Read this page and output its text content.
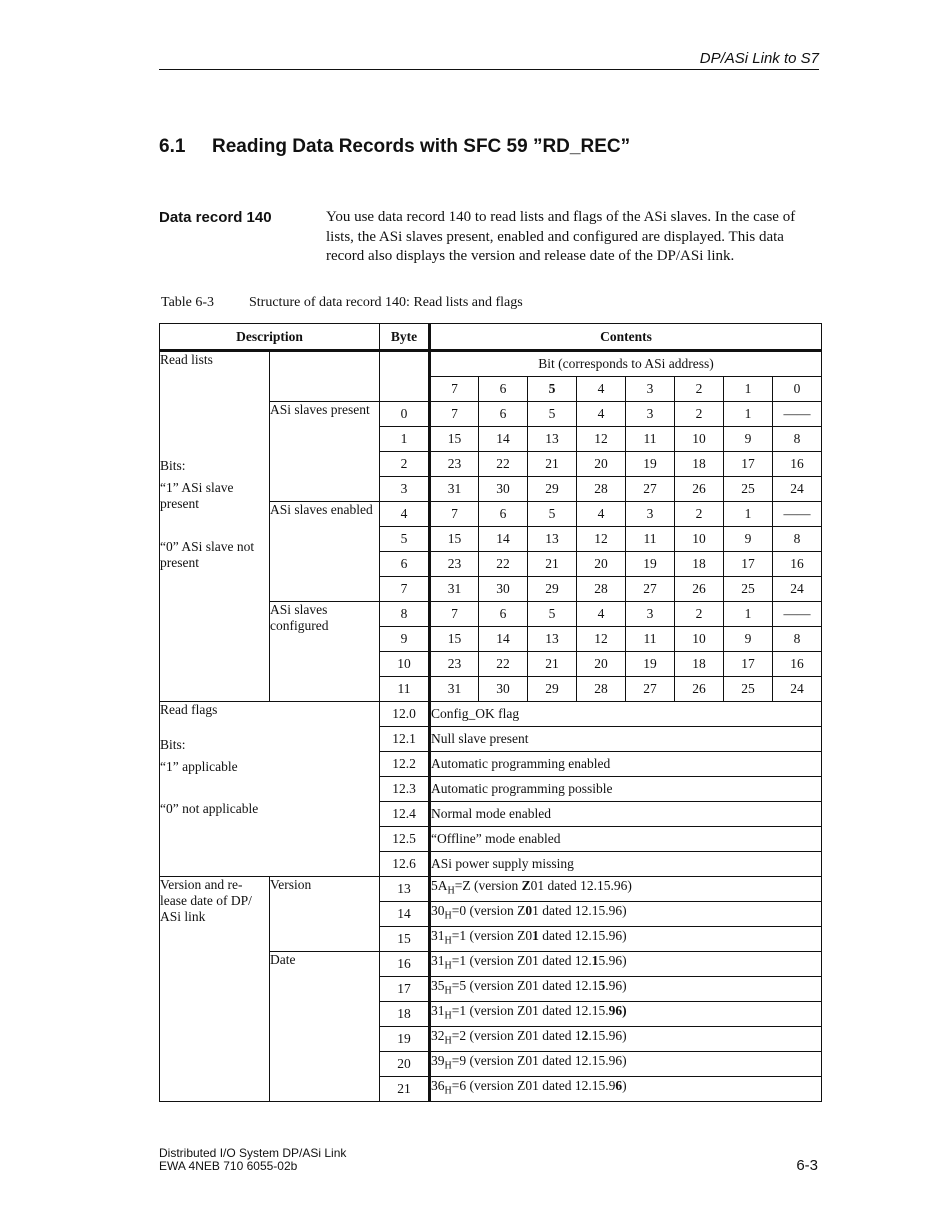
DP/ASi Link to S7
6.1 Reading Data Records with SFC 59 ”RD_REC”
Data record 140	You use data record 140 to read lists and flags of the ASi slaves. In the case of lists, the ASi slaves present, enabled and configured are displayed. This data record also displays the version and release date of the DP/ASi link.
Table 6-3 Structure of data record 140: Read lists and flags
Description		Byte	Contents							

Read lists
Bits:
“1” ASi slave present
“0” ASi slave not present			Bit (corresponds to ASi address)							
			7	6	5	4	3	2	1	0
	ASi slaves present	0	7	6	5	4	3	2	1	——
		1	15	14	13	12	11	10	9	8
		2	23	22	21	20	19	18	17	16
		3	31	30	29	28	27	26	25	24
	ASi slaves enabled	4	7	6	5	4	3	2	1	——
		5	15	14	13	12	11	10	9	8
		6	23	22	21	20	19	18	17	16
		7	31	30	29	28	27	26	25	24
	ASi slaves configured	8	7	6	5	4	3	2	1	——
		9	15	14	13	12	11	10	9	8
		10	23	22	21	20	19	18	17	16
		11	31	30	29	28	27	26	25	24

Read flags
Bits:
“1” applicable
“0” not applicable		12.0	Config_OK flag							
		12.1	Null slave present							
		12.2	Automatic programming enabled							
		12.3	Automatic programming possible							
		12.4	Normal mode enabled							
		12.5	“Offline” mode enabled							
		12.6	ASi power supply missing							
Version and re-lease date of DP/ ASi link	Version	13	$5A_H=Z$ (version Z01 dated 12.15.96)							
		14	$30_H=0$ (version Z01 dated 12.15.96)							
		15	$31_H=1$ (version Z01 dated 12.15.96)							
	Date	16	$31_H=1$ (version Z01 dated 12.15.96)							
		17	$35_H=5$ (version Z01 dated 12.15.96)							
		18	$31_H=1$ (version Z01 dated 12.15.96)							
		19	$32_H=2$ (version Z01 dated 12.15.96)							
		20	$39_H=9$ (version Z01 dated 12.15.96)							
		21	$36_H=6$ (version Z01 dated 12.15.96)							
Distributed I/O System DP/ASi Link
EWA 4NEB 710 6055-02b	6-3
